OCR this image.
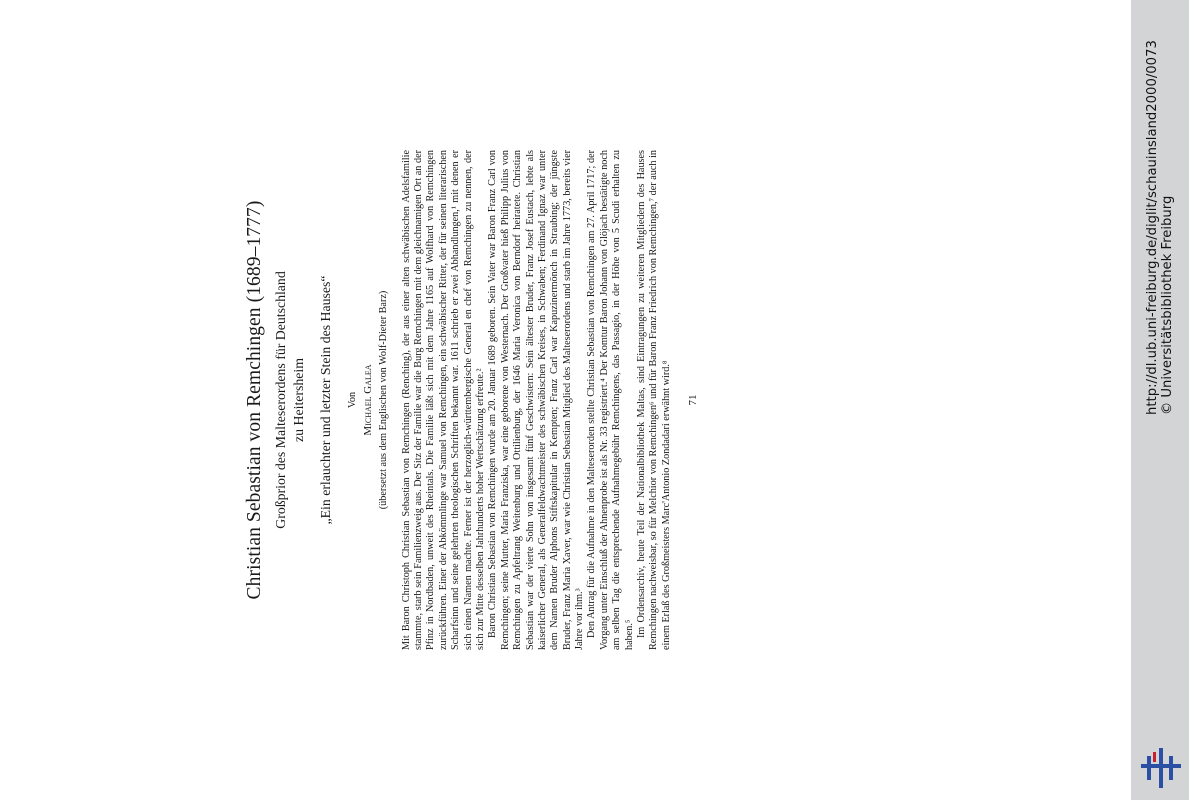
Christian Sebastian von Remchingen (1689–1777) Großprior des Malteserordens für Deutschland zu Heitersheim „Ein erlauchter und letzter Stein des Hauses“ Von Michael Galea (übersetzt aus dem Englischen von Wolf-Dieter Barz) Mit Baron Christoph Christian Sebastian von Remchingen (Renching), der aus einer alten schwäbischen Adelsfamilie stammte, starb sein Familienzweig aus. Der Sitz der Familie war die Burg Remchingen mit dem gleichnamigen Ort an der Pfinz in Nordbaden, unweit des Rheintals. Die Familie läßt sich mit dem Jahre 1165 auf Wolfhard von Remchingen zurückführen. Einer der Abkömmlinge war Samuel von Remchingen, ein schwäbischer Ritter, der für seinen literarischen Scharfsinn und seine gelehrten theologischen Schriften bekannt war. 1611 schrieb er zwei Abhandlungen,¹ mit denen er sich einen Namen machte. Ferner ist der herzoglich-württembergische General en chef von Remchingen zu nennen, der sich zur Mitte desselben Jahrhunderts hoher Wertschätzung erfreute.² Baron Christian Sebastian von Remchingen wurde am 20. Januar 1689 geboren. Sein Vater war Baron Franz Carl von Remchingen; seine Mutter, Maria Franziska, war eine geborene von Westernach. Der Großvater hieß Philipp Julius von Remchingen zu Apfeltrang Weitenburg und Ottilienburg, der 1646 Maria Veronica von Berndorf heiratete. Christian Sebastian war der vierte Sohn von insgesamt fünf Geschwistern: Sein ältester Bruder, Franz Josef Eustach, lebte als kaiserlicher General, als Generalfeldwachtmeister des schwäbischen Kreises, in Schwaben; Ferdinand Ignaz war unter dem Namen Bruder Alphons Stiftskapitular in Kempten; Franz Carl war Kapuzinermönch in Straubing; der jüngste Bruder, Franz Maria Xaver, war wie Christian Sebastian Mitglied des Malteserordens und starb im Jahre 1773, bereits vier Jahre vor ihm.³ Den Antrag für die Aufnahme in den Malteserorden stellte Christian Sebastian von Remchingen am 27. April 1717; der Vorgang unter Einschluß der Ahnenprobe ist als Nr. 33 registriert.⁴ Der Komtur Baron Johann von Glöjach bestätigte noch am selben Tag die entsprechende Aufnahmegebühr Remchingens, das Passagio, in der Höhe von 5 Scudi erhalten zu haben.⁵ Im Ordensarchiv, heute Teil der Nationalbibliothek Maltas, sind Eintragungen zu weiteren Mitgliedern des Hauses Remchingen nachweisbar, so für Melchior von Remchingen⁶ und für Baron Franz Friedrich von Remchingen,⁷ der auch in einem Erlaß des Großmeisters Marc'Antonio Zondadari erwähnt wird.⁸ 71	http://dl.ub.uni-freiburg.de/diglit/schauinsland2000/0073 © Universitätsbibliothek Freiburg
